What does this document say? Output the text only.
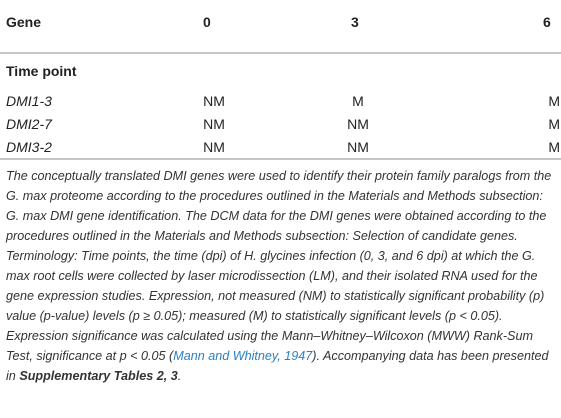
Gene	0	3	6
Time point
DMI1-3	NM	M	M
DMI2-7	NM	NM	M
DMI3-2	NM	NM	M
The conceptually translated DMI genes were used to identify their protein family paralogs from the G. max proteome according to the procedures outlined in the Materials and Methods subsection: G. max DMI gene identification. The DCM data for the DMI genes were obtained according to the procedures outlined in the Materials and Methods subsection: Selection of candidate genes. Terminology: Time points, the time (dpi) of H. glycines infection (0, 3, and 6 dpi) at which the G. max root cells were collected by laser microdissection (LM), and their isolated RNA used for the gene expression studies. Expression, not measured (NM) to statistically significant probability (p) value (p-value) levels (p ≥ 0.05); measured (M) to statistically significant levels (p < 0.05). Expression significance was calculated using the Mann–Whitney–Wilcoxon (MWW) Rank-Sum Test, significance at p < 0.05 (Mann and Whitney, 1947). Accompanying data has been presented in Supplementary Tables 2, 3.
